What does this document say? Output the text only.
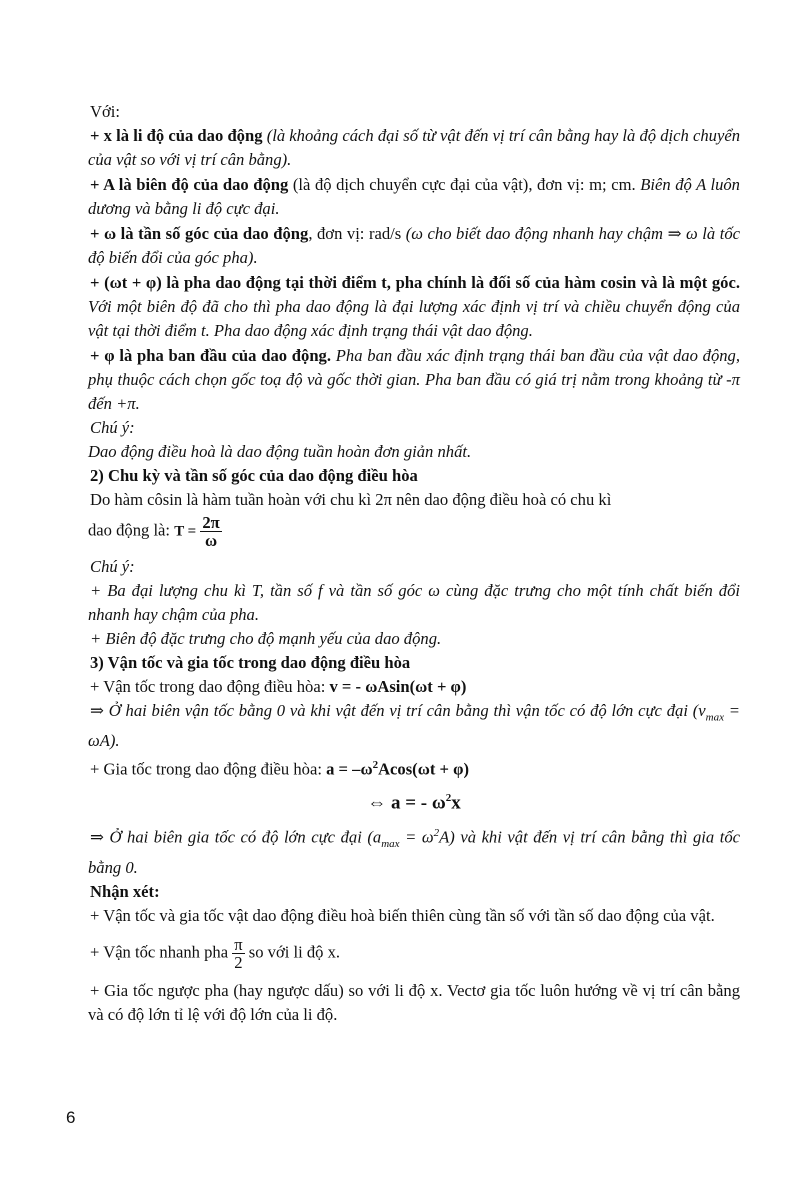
Với:

+ x là li độ của dao động (là khoảng cách đại số từ vật đến vị trí cân bằng hay là độ dịch chuyển của vật so với vị trí cân bằng).

+ A là biên độ của dao động (là độ dịch chuyển cực đại của vật), đơn vị: m; cm. Biên độ A luôn dương và bằng li độ cực đại.

+ ω là tần số góc của dao động, đơn vị: rad/s (ω cho biết dao động nhanh hay chậm ⇒ ω là tốc độ biến đổi của góc pha).

+ (ωt + φ) là pha dao động tại thời điểm t, pha chính là đối số của hàm cosin và là một góc. Với một biên độ đã cho thì pha dao động là đại lượng xác định vị trí và chiều chuyển động của vật tại thời điểm t. Pha dao động xác định trạng thái vật dao động.

+ φ là pha ban đầu của dao động. Pha ban đầu xác định trạng thái ban đầu của vật dao động, phụ thuộc cách chọn gốc toạ độ và gốc thời gian. Pha ban đầu có giá trị nằm trong khoảng từ -π đến +π.

Chú ý:

Dao động điều hoà là dao động tuần hoàn đơn giản nhất.

2) Chu kỳ và tần số góc của dao động điều hòa

Do hàm côsin là hàm tuần hoàn với chu kì 2π nên dao động điều hoà có chu kì

dao động là: $T = \frac{2\pi}{\omega}$

Chú ý:

+ Ba đại lượng chu kì T, tần số f và tần số góc ω cùng đặc trưng cho một tính chất biến đổi nhanh hay chậm của pha.

+ Biên độ đặc trưng cho độ mạnh yếu của dao động.

3) Vận tốc và gia tốc trong dao động điều hòa

+ Vận tốc trong dao động điều hòa: v = - ωAsin(ωt + φ)

⇒ Ở hai biên vận tốc bằng 0 và khi vật đến vị trí cân bằng thì vận tốc có độ lớn cực đại $(v_{max} = \omega A)$.

+ Gia tốc trong dao động điều hòa: $a = -\omega^2Acos(\omega t + \varphi)$

⇔ a = - $\omega^2x$

⇒ Ở hai biên gia tốc có độ lớn cực đại $(a_{max} = \omega^2A)$ và khi vật đến vị trí cân bằng thì gia tốc bằng 0.

Nhận xét:

+ Vận tốc và gia tốc vật dao động điều hoà biến thiên cùng tần số với tần số dao động của vật.

+ Vận tốc nhanh pha $\frac{\pi}{2}$ so với li độ x.

+ Gia tốc ngược pha (hay ngược dấu) so với li độ x. Vectơ gia tốc luôn hướng về vị trí cân bằng và có độ lớn tỉ lệ với độ lớn của li độ.

6
